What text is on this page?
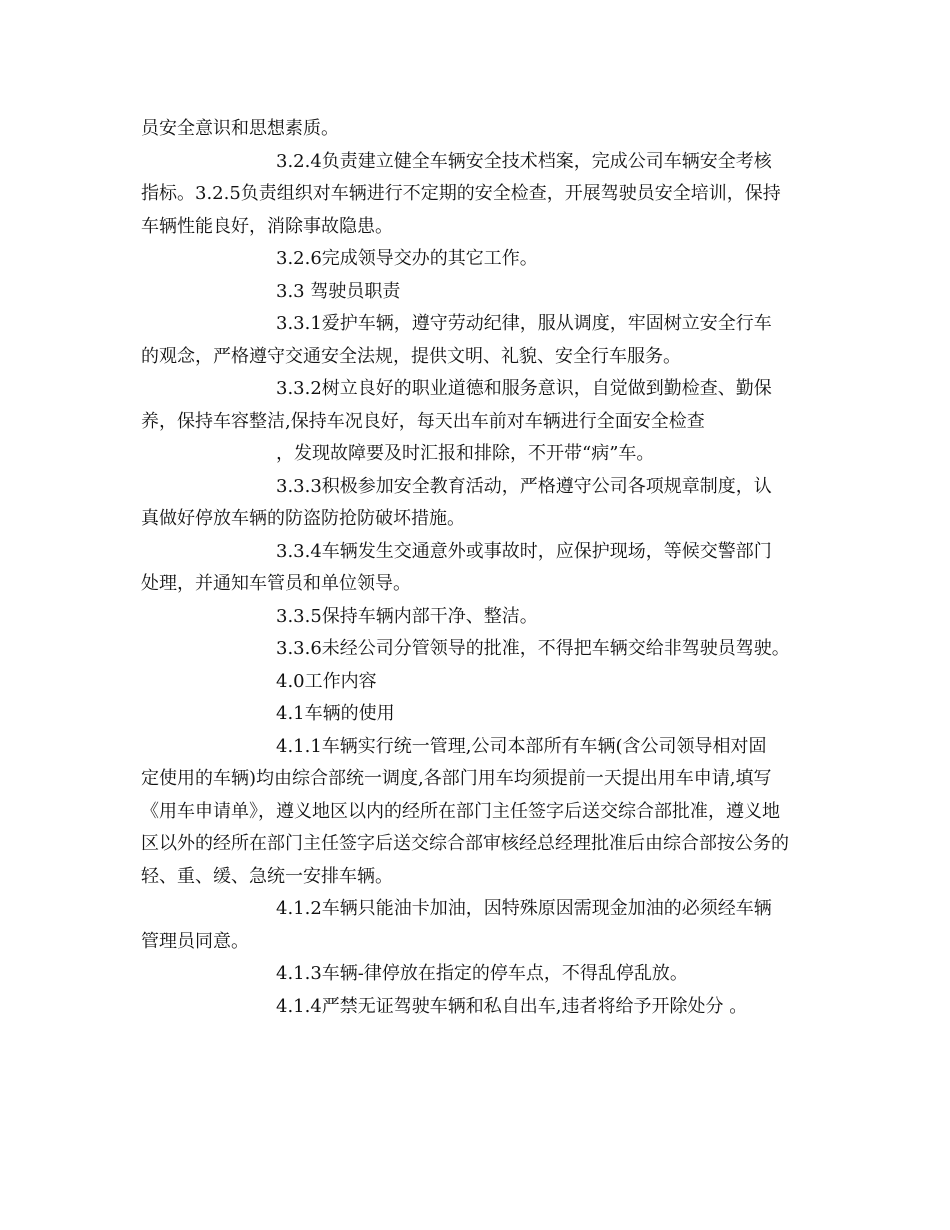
员安全意识和思想素质。
3.2.4负责建立健全车辆安全技术档案，完成公司车辆安全考核
指标。3.2.5负责组织对车辆进行不定期的安全检查，开展驾驶员安全培训，保持
车辆性能良好，消除事故隐患。
3.2.6完成领导交办的其它工作。
3.3 驾驶员职责
3.3.1爱护车辆，遵守劳动纪律，服从调度，牢固树立安全行车
的观念，严格遵守交通安全法规，提供文明、礼貌、安全行车服务。
3.3.2树立良好的职业道德和服务意识，自觉做到勤检查、勤保
养，保持车容整洁,保持车况良好，每天出车前对车辆进行全面安全检查
，发现故障要及时汇报和排除，不开带“病”车。
3.3.3积极参加安全教育活动，严格遵守公司各项规章制度，认
真做好停放车辆的防盗防抢防破坏措施。
3.3.4车辆发生交通意外或事故时，应保护现场，等候交警部门
处理，并通知车管员和单位领导。
3.3.5保持车辆内部干净、整洁。
3.3.6未经公司分管领导的批准，不得把车辆交给非驾驶员驾驶。
4.0工作内容
4.1车辆的使用
4.1.1车辆实行统一管理,公司本部所有车辆(含公司领导相对固
定使用的车辆)均由综合部统一调度,各部门用车均须提前一天提出用车申请,填写
《用车申请单》，遵义地区以内的经所在部门主任签字后送交综合部批准，遵义地
区以外的经所在部门主任签字后送交综合部审核经总经理批准后由综合部按公务的
轻、重、缓、急统一安排车辆。
4.1.2车辆只能油卡加油，因特殊原因需现金加油的必须经车辆
管理员同意。
4.1.3车辆-律停放在指定的停车点，不得乱停乱放。
4.1.4严禁无证驾驶车辆和私自出车,违者将给予开除处分 。
